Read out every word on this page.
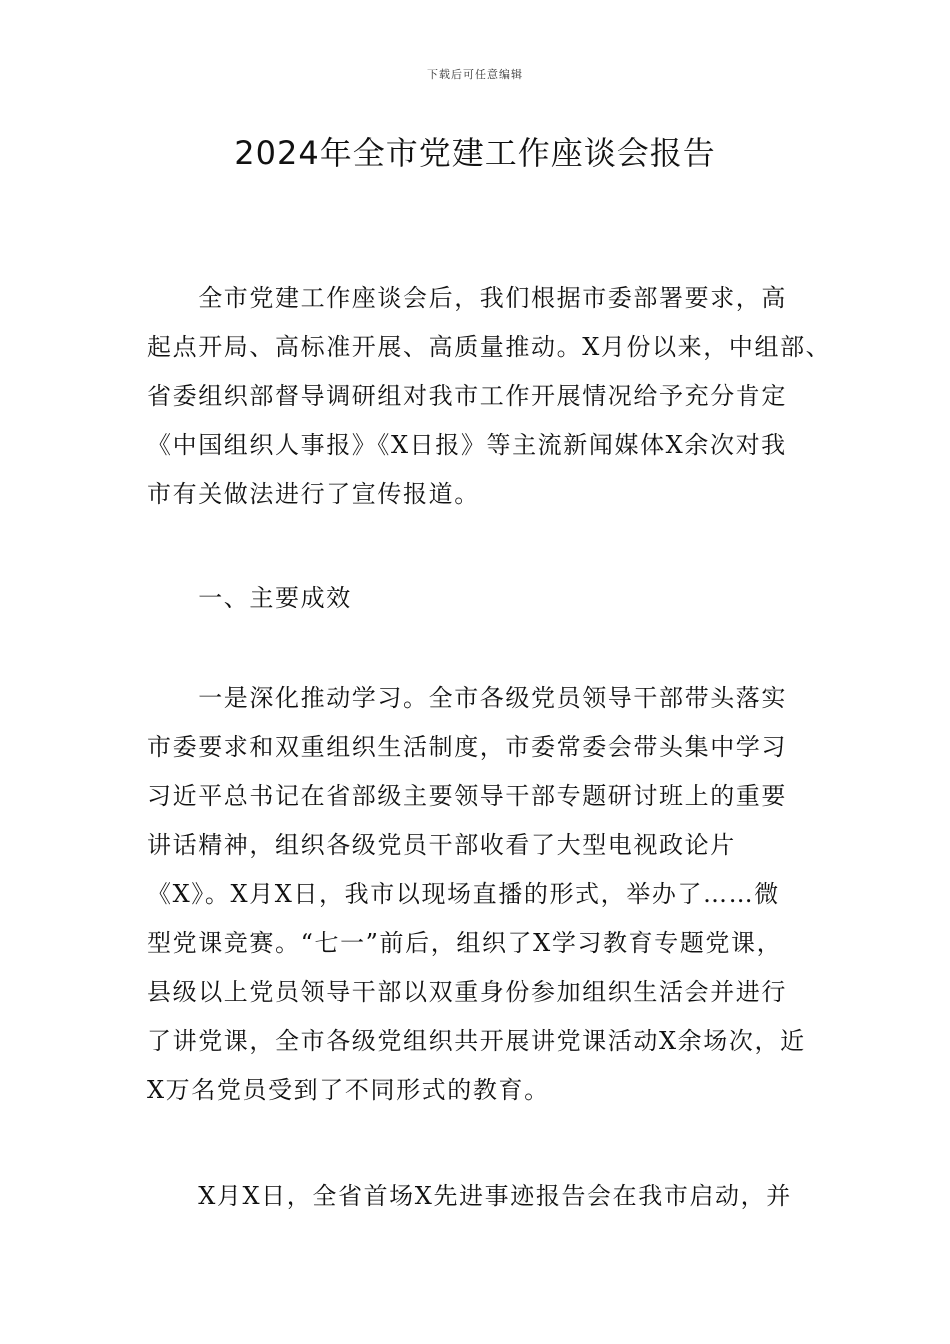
下载后可任意编辑
2024年全市党建工作座谈会报告
　　全市党建工作座谈会后，我们根据市委部署要求，高
起点开局、高标准开展、高质量推动。X月份以来，中组部、
省委组织部督导调研组对我市工作开展情况给予充分肯定
《中国组织人事报》《X日报》等主流新闻媒体X余次对我
市有关做法进行了宣传报道。
　　一、主要成效
　　一是深化推动学习。全市各级党员领导干部带头落实
市委要求和双重组织生活制度，市委常委会带头集中学习
习近平总书记在省部级主要领导干部专题研讨班上的重要
讲话精神，组织各级党员干部收看了大型电视政论片
《X》。X月X日，我市以现场直播的形式，举办了……微
型党课竞赛。“七一”前后，组织了X学习教育专题党课，
县级以上党员领导干部以双重身份参加组织生活会并进行
了讲党课，全市各级党组织共开展讲党课活动X余场次，近
X万名党员受到了不同形式的教育。
　　X月X日，全省首场X先进事迹报告会在我市启动，并
